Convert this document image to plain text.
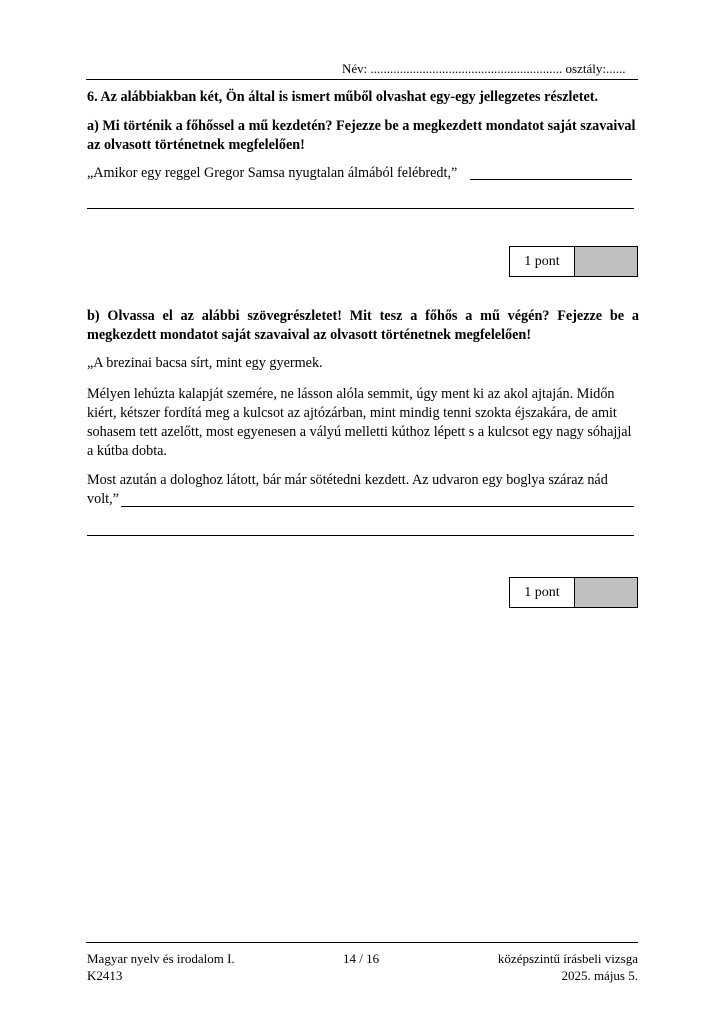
Név: ........................................................... osztály:......
6. Az alábbiakban két, Ön által is ismert műből olvashat egy-egy jellegzetes részletet.
a) Mi történik a főhőssel a mű kezdetén? Fejezze be a megkezdett mondatot saját szavaival az olvasott történetnek megfelelően!
„Amikor egy reggel Gregor Samsa nyugtalan álmából felébredt,”
1 pont
b) Olvassa el az alábbi szövegrészletet! Mit tesz a főhős a mű végén? Fejezze be a megkezdett mondatot saját szavaival az olvasott történetnek megfelelően!
„A brezinai bacsa sírt, mint egy gyermek.
Mélyen lehúzta kalapját szemére, ne lásson alóla semmit, úgy ment ki az akol ajtaján. Midőn kiért, kétszer fordítá meg a kulcsot az ajtózárban, mint mindig tenni szokta éjszakára, de amit sohasem tett azelőtt, most egyenesen a vályú melletti kúthoz lépett s a kulcsot egy nagy sóhajjal a kútba dobta.
Most azután a dologhoz látott, bár már sötétedni kezdett. Az udvaron egy boglya száraz nád volt,”
1 pont
Magyar nyelv és irodalom I.
K2413
14 / 16	középszintű írásbeli vizsga
2025. május 5.
